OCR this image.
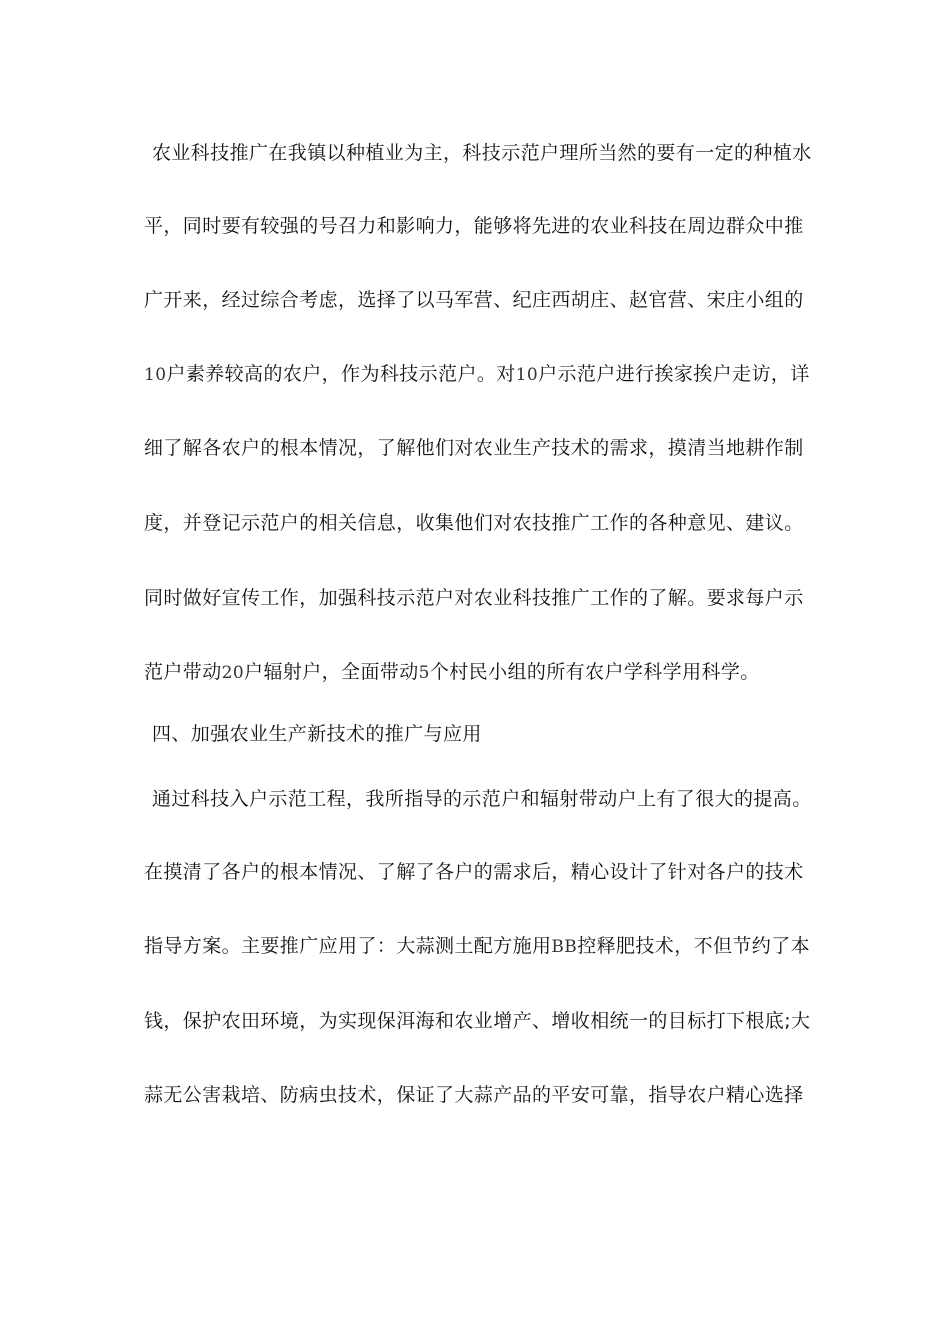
农业科技推广在我镇以种植业为主，科技示范户理所当然的要有一定的种植水
平，同时要有较强的号召力和影响力，能够将先进的农业科技在周边群众中推
广开来，经过综合考虑，选择了以马军营、纪庄西胡庄、赵官营、宋庄小组的
10户素养较高的农户，作为科技示范户。对10户示范户进行挨家挨户走访，详
细了解各农户的根本情况，了解他们对农业生产技术的需求，摸清当地耕作制
度，并登记示范户的相关信息，收集他们对农技推广工作的各种意见、建议。
同时做好宣传工作，加强科技示范户对农业科技推广工作的了解。要求每户示
范户带动20户辐射户，全面带动5个村民小组的所有农户学科学用科学。
四、加强农业生产新技术的推广与应用
通过科技入户示范工程，我所指导的示范户和辐射带动户上有了很大的提高。
在摸清了各户的根本情况、了解了各户的需求后，精心设计了针对各户的技术
指导方案。主要推广应用了：大蒜测土配方施用BB控释肥技术，不但节约了本
钱，保护农田环境，为实现保洱海和农业增产、增收相统一的目标打下根底;大
蒜无公害栽培、防病虫技术，保证了大蒜产品的平安可靠，指导农户精心选择
